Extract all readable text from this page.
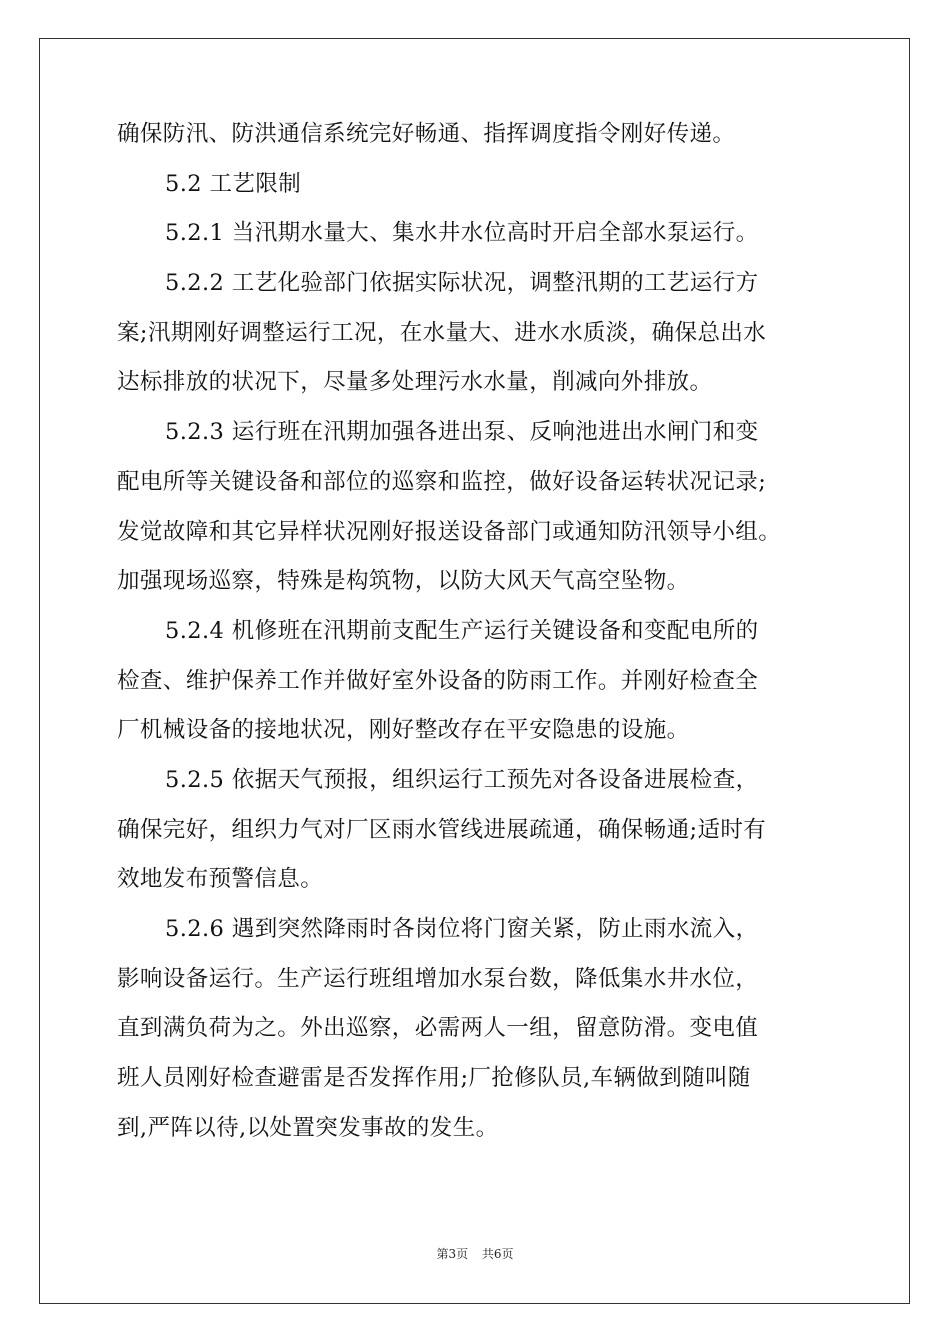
确保防汛、防洪通信系统完好畅通、指挥调度指令刚好传递。
5.2 工艺限制
5.2.1 当汛期水量大、集水井水位高时开启全部水泵运行。
5.2.2 工艺化验部门依据实际状况，调整汛期的工艺运行方
案;汛期刚好调整运行工况，在水量大、进水水质淡，确保总出水
达标排放的状况下，尽量多处理污水水量，削减向外排放。
5.2.3 运行班在汛期加强各进出泵、反响池进出水闸门和变
配电所等关键设备和部位的巡察和监控，做好设备运转状况记录;
发觉故障和其它异样状况刚好报送设备部门或通知防汛领导小组。
加强现场巡察，特殊是构筑物，以防大风天气高空坠物。
5.2.4 机修班在汛期前支配生产运行关键设备和变配电所的
检查、维护保养工作并做好室外设备的防雨工作。并刚好检查全
厂机械设备的接地状况，刚好整改存在平安隐患的设施。
5.2.5 依据天气预报，组织运行工预先对各设备进展检查，
确保完好，组织力气对厂区雨水管线进展疏通，确保畅通;适时有
效地发布预警信息。
5.2.6 遇到突然降雨时各岗位将门窗关紧，防止雨水流入，
影响设备运行。生产运行班组增加水泵台数，降低集水井水位，
直到满负荷为之。外出巡察，必需两人一组，留意防滑。变电值
班人员刚好检查避雷是否发挥作用;厂抢修队员,车辆做到随叫随
到,严阵以待,以处置突发事故的发生。
第3页 共6页
